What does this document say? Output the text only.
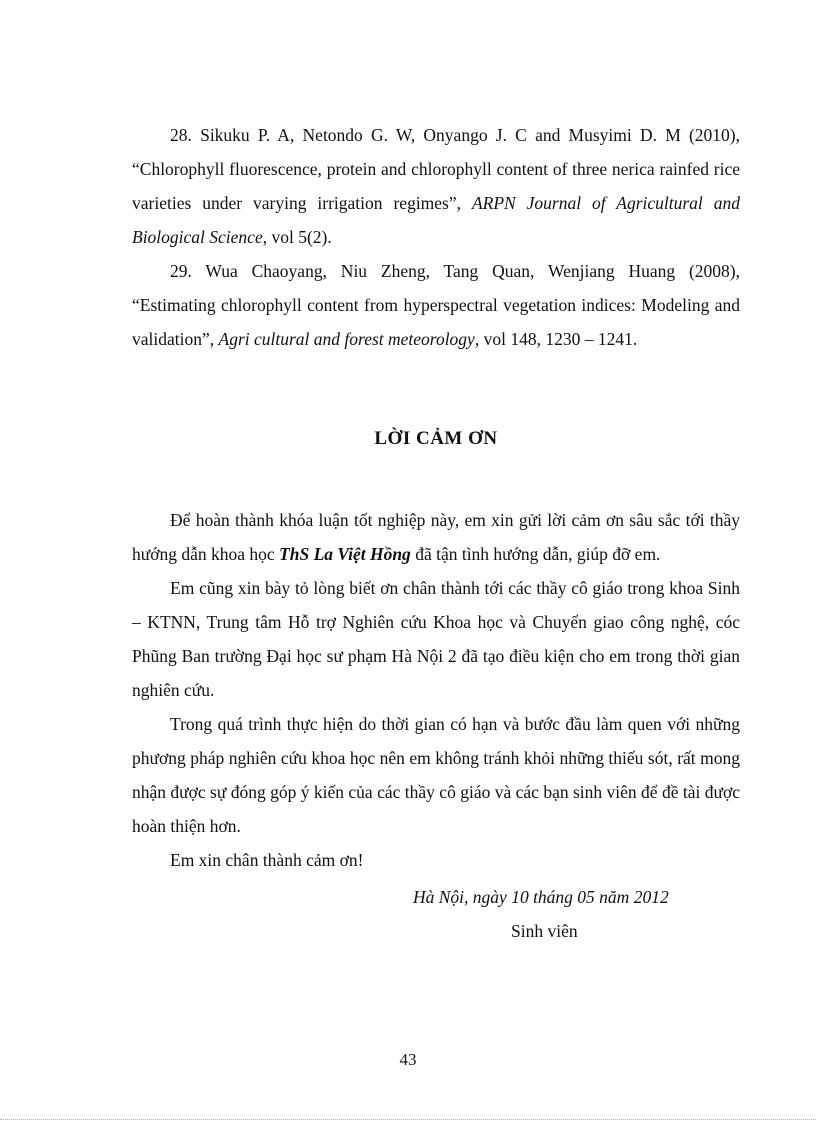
28. Sikuku P. A, Netondo G. W, Onyango J. C and Musyimi D. M (2010), “Chlorophyll fluorescence, protein and chlorophyll content of three nerica rainfed rice varieties under varying irrigation regimes”, ARPN Journal of Agricultural and Biological Science, vol 5(2).

29. Wua Chaoyang, Niu Zheng, Tang Quan, Wenjiang Huang (2008), “Estimating chlorophyll content from hyperspectral vegetation indices: Modeling and validation”, Agri cultural and forest meteorology, vol 148, 1230 – 1241.

LỜI CẢM ƠN

Để hoàn thành khóa luận tốt nghiệp này, em xin gửi lời cảm ơn sâu sắc tới thầy hướng dẫn khoa học ThS La Việt Hồng đã tận tình hướng dẫn, giúp đỡ em.

Em cũng xin bày tỏ lòng biết ơn chân thành tới các thầy cô giáo trong khoa Sinh – KTNN, Trung tâm Hỗ trợ Nghiên cứu Khoa học và Chuyển giao công nghệ, cóc Phũng Ban trường Đại học sư phạm Hà Nội 2 đã tạo điều kiện cho em trong thời gian nghiên cứu.

Trong quá trình thực hiện do thời gian có hạn và bước đầu làm quen với những phương pháp nghiên cứu khoa học nên em không tránh khỏi những thiếu sót, rất mong nhận được sự đóng góp ý kiến của các thầy cô giáo và các bạn sinh viên để đề tài được hoàn thiện hơn.

Em xin chân thành cảm ơn!

Hà Nội, ngày 10 tháng 05 năm 2012
Sinh viên
43
